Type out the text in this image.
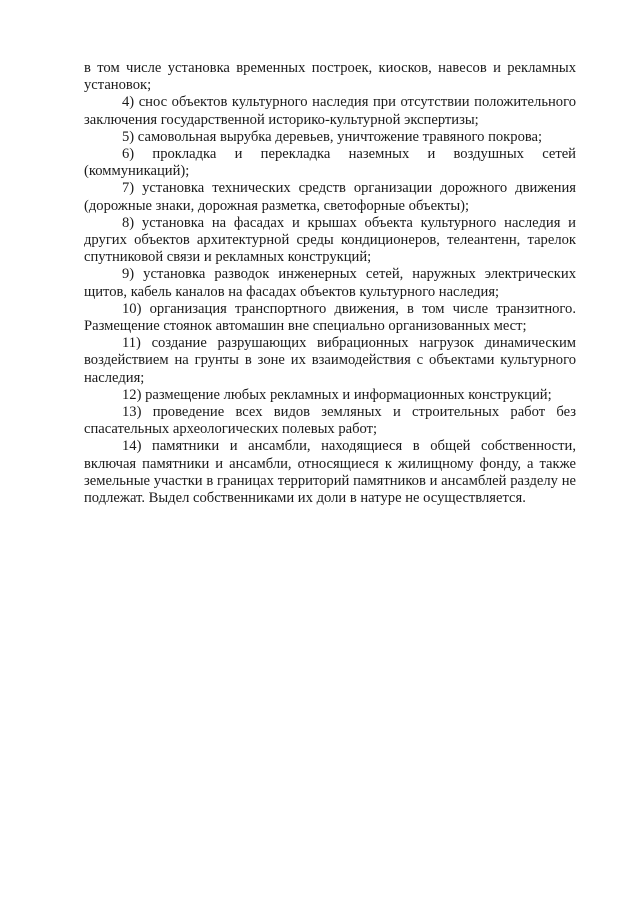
в том числе установка временных построек, киосков, навесов и рекламных установок;

4) снос объектов культурного наследия при отсутствии положительного заключения государственной историко-культурной экспертизы;

5) самовольная вырубка деревьев, уничтожение травяного покрова;

6) прокладка и перекладка наземных и воздушных сетей (коммуникаций);

7) установка технических средств организации дорожного движения (дорожные знаки, дорожная разметка, светофорные объекты);

8) установка на фасадах и крышах объекта культурного наследия и других объектов архитектурной среды кондиционеров, телеантенн, тарелок спутниковой связи и рекламных конструкций;

9) установка разводок инженерных сетей, наружных электрических щитов, кабель каналов на фасадах объектов культурного наследия;

10) организация транспортного движения, в том числе транзитного. Размещение стоянок автомашин вне специально организованных мест;

11) создание разрушающих вибрационных нагрузок динамическим воздействием на грунты в зоне их взаимодействия с объектами культурного наследия;

12) размещение любых рекламных и информационных конструкций;

13) проведение всех видов земляных и строительных работ без спасательных археологических полевых работ;

14) памятники и ансамбли, находящиеся в общей собственности, включая памятники и ансамбли, относящиеся к жилищному фонду, а также земельные участки в границах территорий памятников и ансамблей разделу не подлежат. Выдел собственниками их доли в натуре не осуществляется.
